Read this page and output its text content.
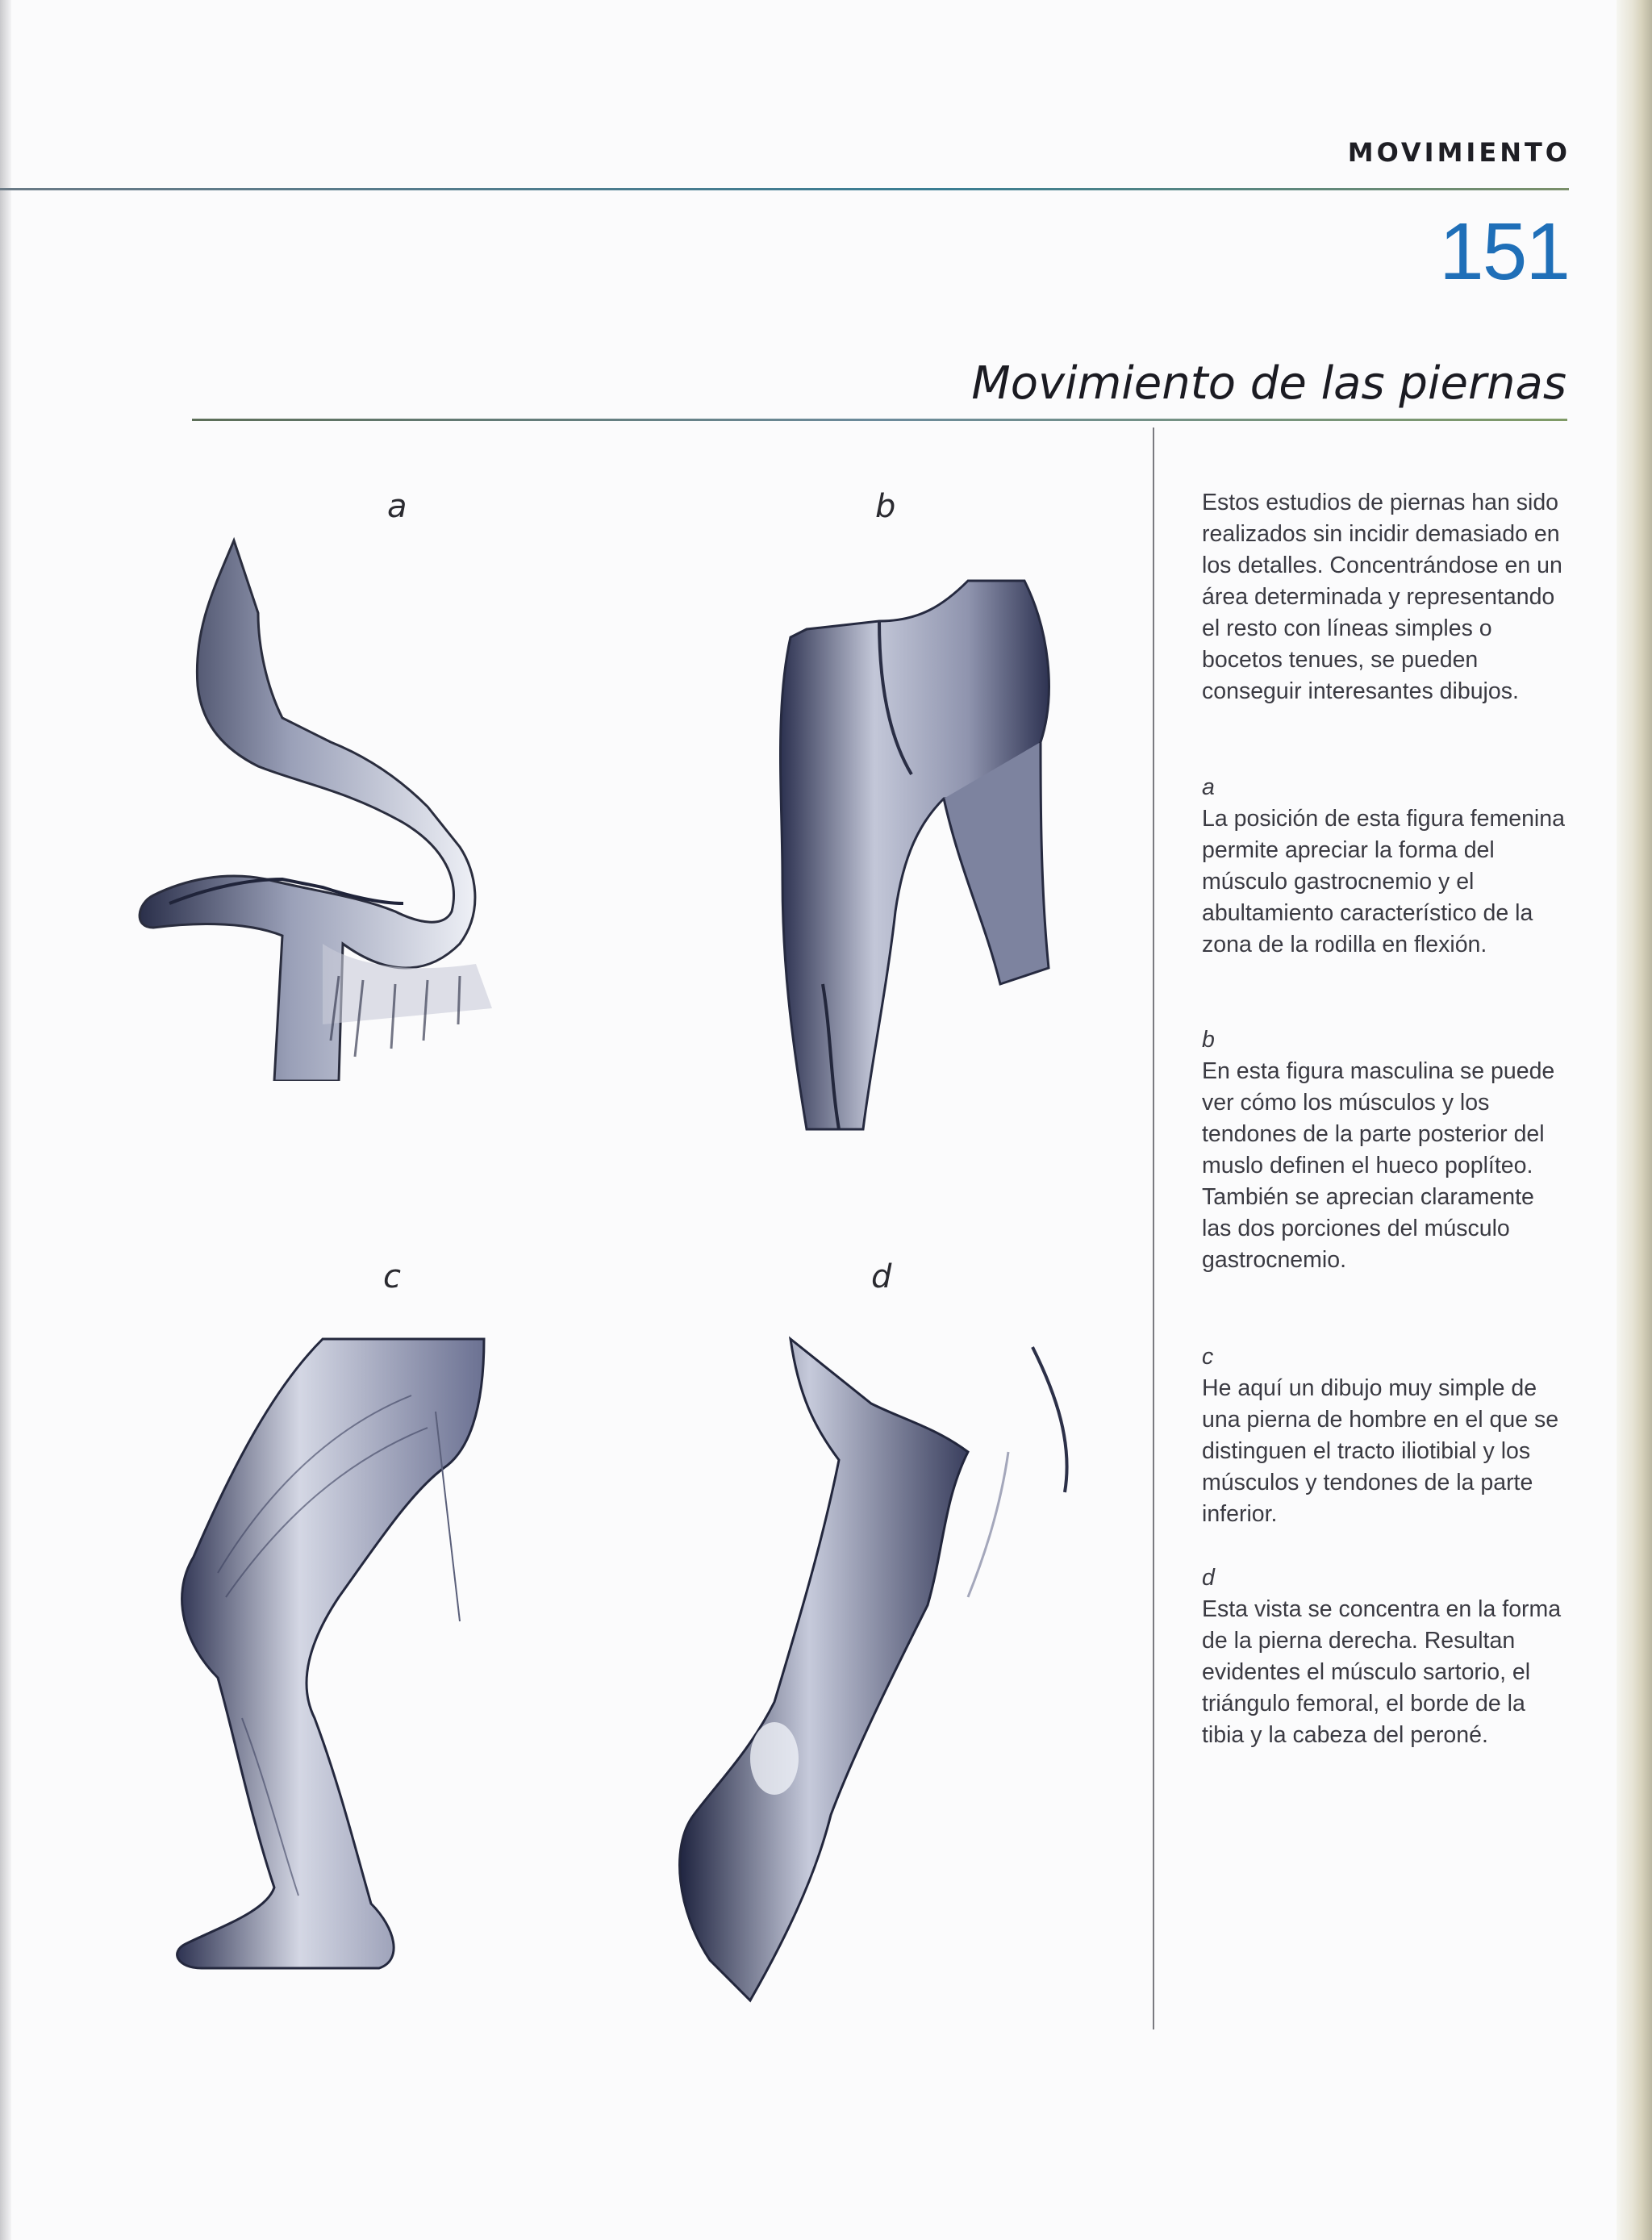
MOVIMIENTO
151
Movimiento de las piernas
a	b
c	d

Estos estudios de piernas han sido realizados sin incidir demasiado en los detalles. Concentrándose en un área determinada y representando el resto con líneas simples o bocetos tenues, se pueden conseguir interesantes dibujos.

a

La posición de esta figura femenina permite apreciar la forma del músculo gastrocnemio y el abultamiento característico de la zona de la rodilla en flexión.

b

En esta figura masculina se puede ver cómo los músculos y los tendones de la parte posterior del muslo definen el hueco poplíteo. También se aprecian claramente las dos porciones del músculo gastrocnemio.

c

He aquí un dibujo muy simple de una pierna de hombre en el que se distinguen el tracto iliotibial y los músculos y tendones de la parte inferior.

d

Esta vista se concentra en la forma de la pierna derecha. Resultan evidentes el músculo sartorio, el triángulo femoral, el borde de la tibia y la cabeza del peroné.
